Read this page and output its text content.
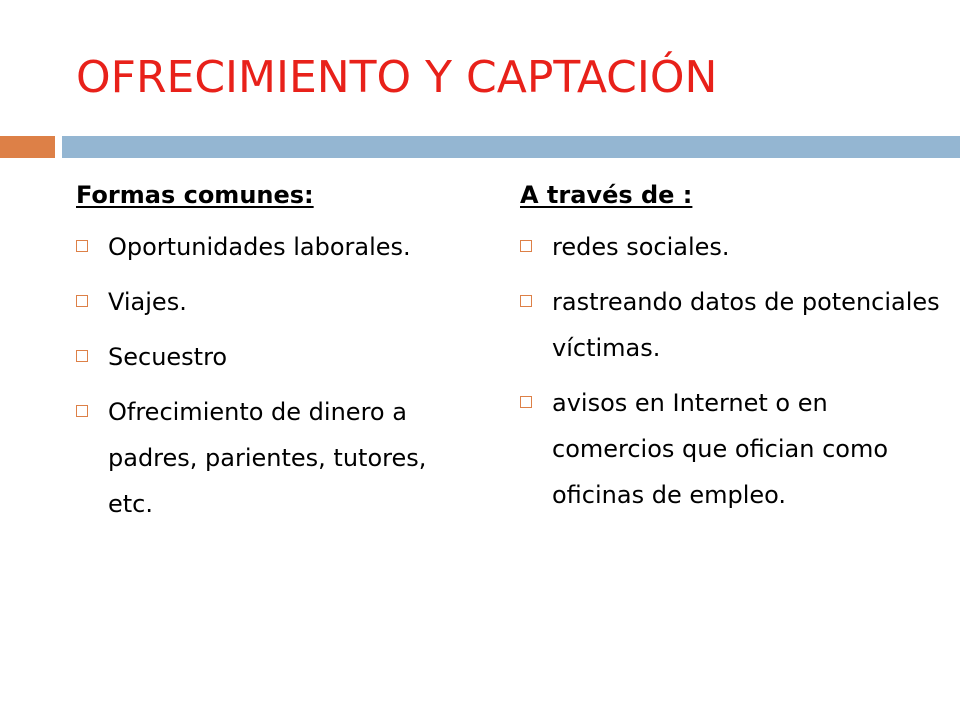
OFRECIMIENTO Y CAPTACIÓN
Formas comunes:
Oportunidades laborales.
Viajes.
Secuestro
Ofrecimiento de dinero a padres, parientes, tutores, etc.
A través de :
redes sociales.
rastreando datos de potenciales víctimas.
avisos en Internet o en comercios que ofician como oficinas de empleo.
